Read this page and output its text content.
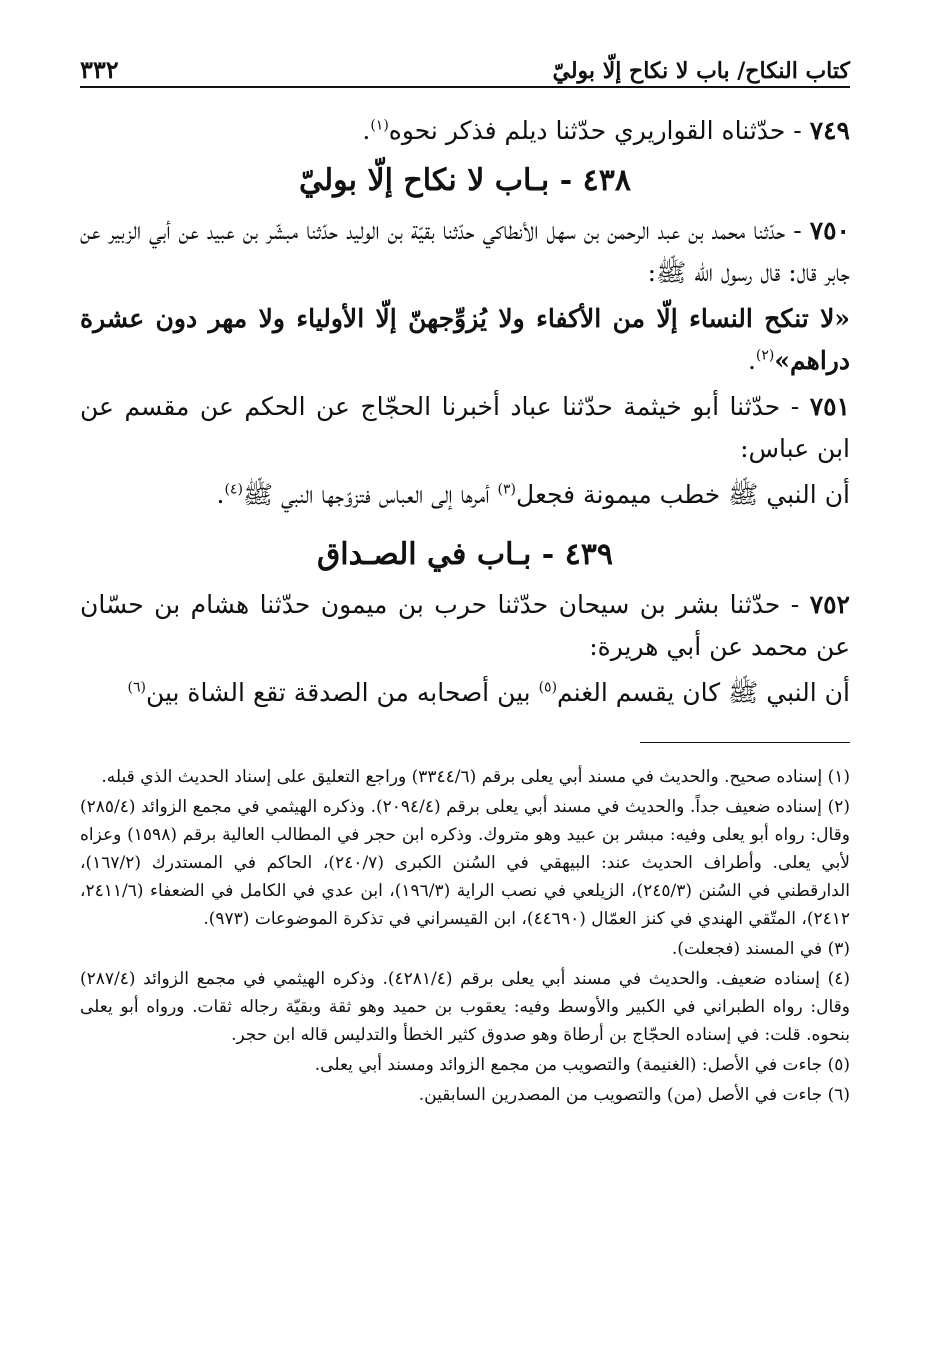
كتاب النكاح/ باب لا نكاح إلّا بوليّ
٣٣٢

٧٤٩ - حدّثناه القواريري حدّثنا ديلم فذكر نحوه$^{(١)}$.

٤٣٨ - بـاب لا نكاح إلّا بوليّ

٧٥٠ - حدّثنا محمد بن عبد الرحمن بن سهل الأنطاكي حدّثنا بقيّة بن الوليد حدّثنا مبشّر بن عبيد عن أبي الزبير عن جابر قال: قال رسول الله ﷺ:

«لا تنكح النساء إلّا من الأكفاء ولا يُزوِّجهنّ إلّا الأولياء ولا مهر دون عشرة دراهم»$^{(٢)}$.

٧٥١ - حدّثنا أبو خيثمة حدّثنا عباد أخبرنا الحجّاج عن الحكم عن مقسم عن ابن عباس:

أن النبي ﷺ خطب ميمونة فجعل$^{(٣)}$ أمرها إلى العباس فتزوّجها النبي ﷺ$^{(٤)}$.

٤٣٩ - بـاب في الصـداق

٧٥٢ - حدّثنا بشر بن سيحان حدّثنا حرب بن ميمون حدّثنا هشام بن حسّان عن محمد عن أبي هريرة:

أن النبي ﷺ كان يقسم الغنم$^{(٥)}$ بين أصحابه من الصدقة تقع الشاة بين$^{(٦)}$

(١) إسناده صحيح. والحديث في مسند أبي يعلى برقم (٣٣٤٤/٦) وراجع التعليق على إسناد الحديث الذي قبله.

(٢) إسناده ضعيف جداً. والحديث في مسند أبي يعلى برقم (٢٠٩٤/٤). وذكره الهيثمي في مجمع الزوائد (٢٨٥/٤) وقال: رواه أبو يعلى وفيه: مبشر بن عبيد وهو متروك. وذكره ابن حجر في المطالب العالية برقم (١٥٩٨) وعزاه لأبي يعلى. وأطراف الحديث عند: البيهقي في السُنن الكبرى (٢٤٠/٧)، الحاكم في المستدرك (١٦٧/٢)، الدارقطني في السُنن (٢٤٥/٣)، الزيلعي في نصب الراية (١٩٦/٣)، ابن عدي في الكامل في الضعفاء (٢٤١١/٦، ٢٤١٢)، المتّقي الهندي في كنز العمّال (٤٤٦٩٠)، ابن القيسراني في تذكرة الموضوعات (٩٧٣).

(٣) في المسند (فجعلت).

(٤) إسناده ضعيف. والحديث في مسند أبي يعلى برقم (٤٢٨١/٤). وذكره الهيثمي في مجمع الزوائد (٢٨٧/٤) وقال: رواه الطبراني في الكبير والأوسط وفيه: يعقوب بن حميد وهو ثقة وبقيّة رجاله ثقات. ورواه أبو يعلى بنحوه. قلت: في إسناده الحجّاج بن أرطاة وهو صدوق كثير الخطأ والتدليس قاله ابن حجر.

(٥) جاءت في الأصل: (الغنيمة) والتصويب من مجمع الزوائد ومسند أبي يعلى.

(٦) جاءت في الأصل (من) والتصويب من المصدرين السابقين.
